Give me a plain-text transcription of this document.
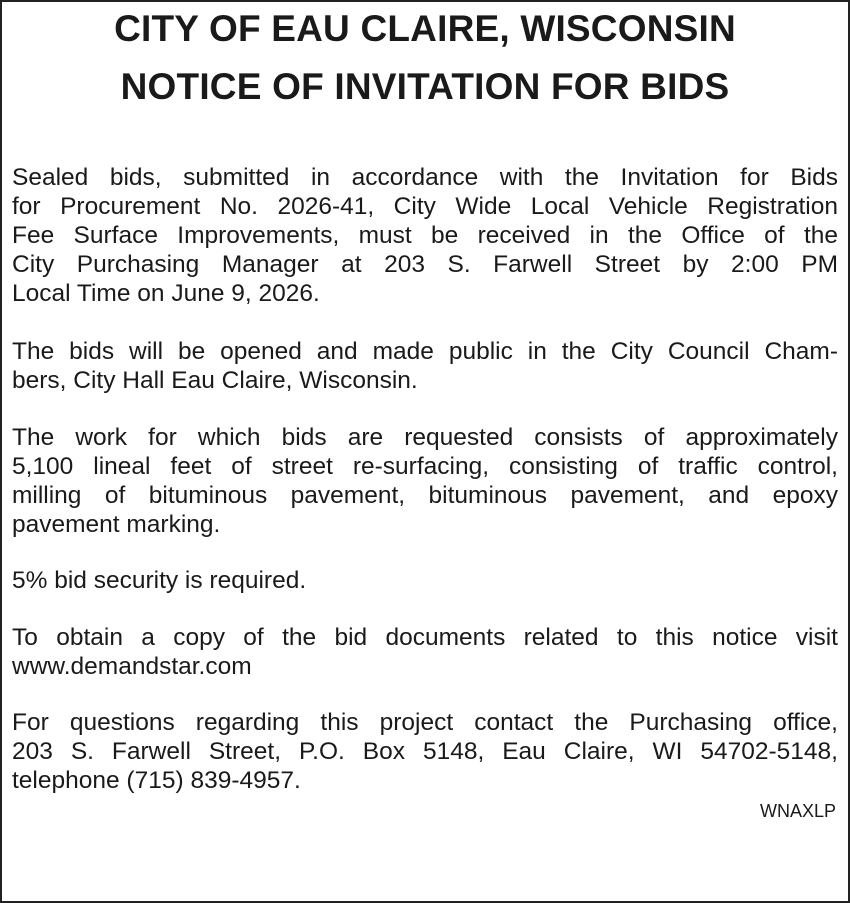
CITY OF EAU CLAIRE, WISCONSIN
NOTICE OF INVITATION FOR BIDS
Sealed bids, submitted in accordance with the Invitation for Bids
for Procurement No. 2026-41, City Wide Local Vehicle Registration
Fee Surface Improvements, must be received in the Office of the
City Purchasing Manager at 203 S. Farwell Street by 2:00 PM
Local Time on June 9, 2026.
The bids will be opened and made public in the City Council Cham-
bers, City Hall Eau Claire, Wisconsin.
The work for which bids are requested consists of approximately
5,100 lineal feet of street re-surfacing, consisting of traffic control,
milling of bituminous pavement, bituminous pavement, and epoxy
pavement marking.
5% bid security is required.
To obtain a copy of the bid documents related to this notice visit
www.demandstar.com
For questions regarding this project contact the Purchasing office,
203 S. Farwell Street, P.O. Box 5148, Eau Claire, WI 54702-5148,
telephone (715) 839-4957.
WNAXLP
